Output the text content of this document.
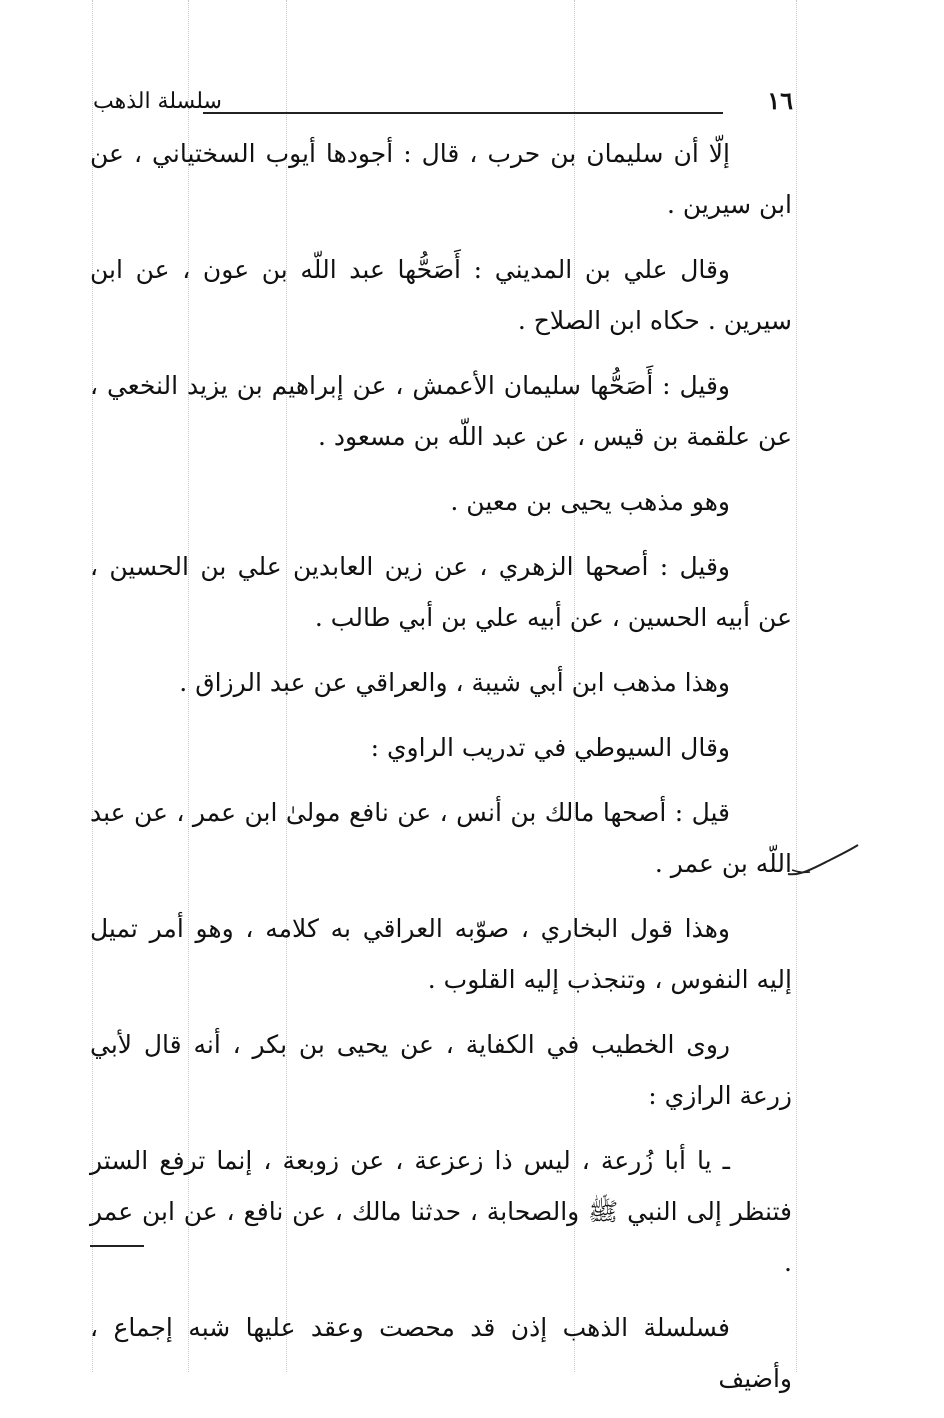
١٦
سلسلة الذهب

إلّا أن سليمان بن حرب ، قال : أجودها أيوب السختياني ، عن ابن سيرين .

وقال علي بن المديني : أَصَحُّها عبد اللّه بن عون ، عن ابن سيرين . حكاه ابن الصلاح .

وقيل : أَصَحُّها سليمان الأعمش ، عن إبراهيم بن يزيد النخعي ، عن علقمة بن قيس ، عن عبد اللّه بن مسعود .

وهو مذهب يحيى بن معين .

وقيل : أصحها الزهري ، عن زين العابدين علي بن الحسين ، عن أبيه الحسين ، عن أبيه علي بن أبي طالب .

وهذا مذهب ابن أبي شيبة ، والعراقي عن عبد الرزاق .

وقال السيوطي في تدريب الراوي :

قيل : أصحها مالك بن أنس ، عن نافع مولىٰ ابن عمر ، عن عبد اللّه بن عمر .

وهذا قول البخاري ، صوّبه العراقي به كلامه ، وهو أمر تميل إليه النفوس ، وتنجذب إليه القلوب .

روى الخطيب في الكفاية ، عن يحيى بن بكر ، أنه قال لأبي زرعة الرازي :

ـ يا أبا زُرعة ، ليس ذا زعزعة ، عن زوبعة ، إنما ترفع الستر فتنظر إلى النبي ﷺ والصحابة ، حدثنا مالك ، عن نافع ، عن ابن عمر .

فسلسلة الذهب إذن قد محصت وعقد عليها شبه إجماع ، وأضيف
